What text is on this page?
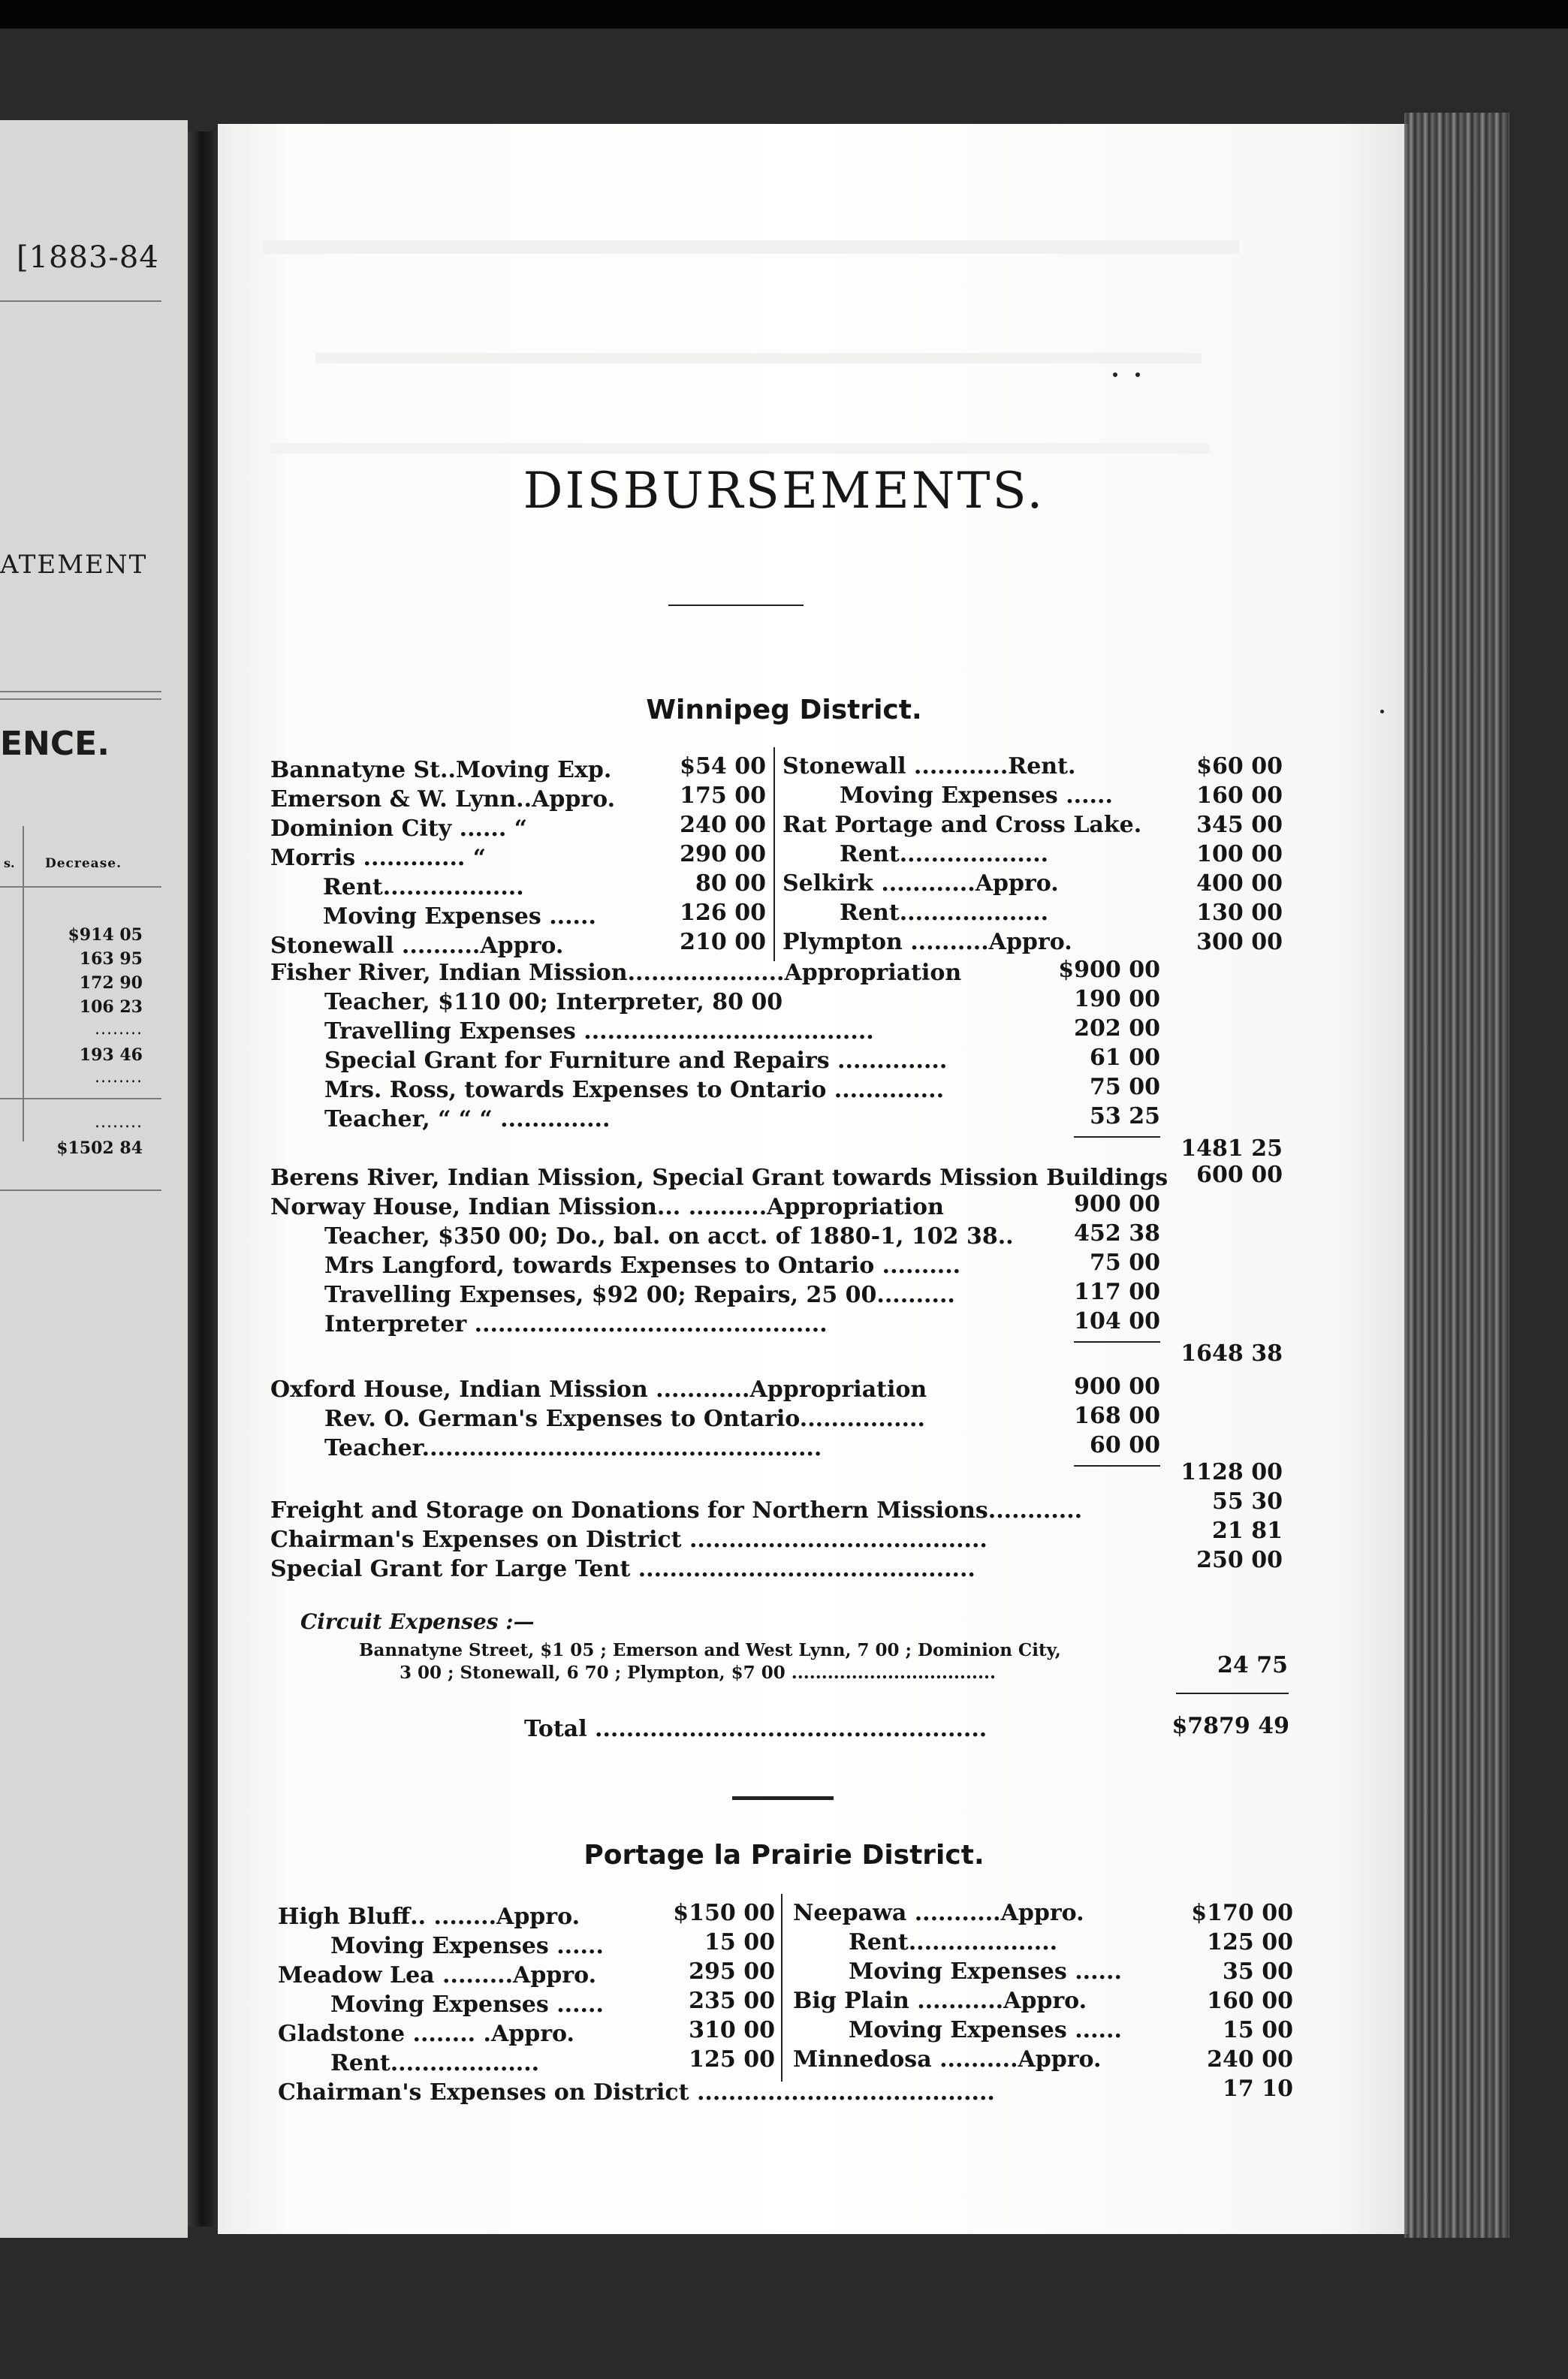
[1883-84
ATEMENT
ENCE.
s. Decrease.
$914 05
163 95
172 90
106 23
........
193 46
........
........
$1502 84
DISBURSEMENTS.
Winnipeg District.
Bannatyne St..Moving Exp.	$54 00
Emerson & W. Lynn..Appro.	175 00
Dominion City ...... “	240 00
Morris ............. “	290 00
Rent..................	80 00
Moving Expenses ......	126 00
Stonewall ..........Appro.	210 00
Stonewall ............Rent.	$60 00
Moving Expenses ......	160 00
Rat Portage and Cross Lake.	345 00
Rent...................	100 00
Selkirk ............Appro.	400 00
Rent...................	130 00
Plympton ..........Appro.	300 00
Fisher River, Indian Mission....................Appropriation	$900 00
Teacher, $110 00; Interpreter, 80 00	190 00
Travelling Expenses .....................................	202 00
Special Grant for Furniture and Repairs ..............	61 00
Mrs. Ross, towards Expenses to Ontario ..............	75 00
Teacher, “ “ “ ..............	53 25
1481 25
Berens River, Indian Mission, Special Grant towards Mission Buildings	600 00
Norway House, Indian Mission... ..........Appropriation	900 00
Teacher, $350 00; Do., bal. on acct. of 1880-1, 102 38..	452 38
Mrs Langford, towards Expenses to Ontario ..........	75 00
Travelling Expenses, $92 00; Repairs, 25 00..........	117 00
Interpreter .............................................	104 00
1648 38
Oxford House, Indian Mission ............Appropriation	900 00
Rev. O. German's Expenses to Ontario................	168 00
Teacher...................................................	60 00
1128 00
Freight and Storage on Donations for Northern Missions............	55 30
Chairman's Expenses on District ......................................	21 81
Special Grant for Large Tent ...........................................	250 00
Circuit Expenses :—
Bannatyne Street, $1 05 ; Emerson and West Lynn, 7 00 ; Dominion City,
3 00 ; Stonewall, 6 70 ; Plympton, $7 00 ..................................	24 75
Total ..................................................	$7879 49
Portage la Prairie District.
High Bluff.. ........Appro.	$150 00
Moving Expenses ......	15 00
Meadow Lea .........Appro.	295 00
Moving Expenses ......	235 00
Gladstone ........ .Appro.	310 00
Rent...................	125 00
Neepawa ...........Appro.	$170 00
Rent...................	125 00
Moving Expenses ......	35 00
Big Plain ...........Appro.	160 00
Moving Expenses ......	15 00
Minnedosa ..........Appro.	240 00
Chairman's Expenses on District ......................................	17 10
